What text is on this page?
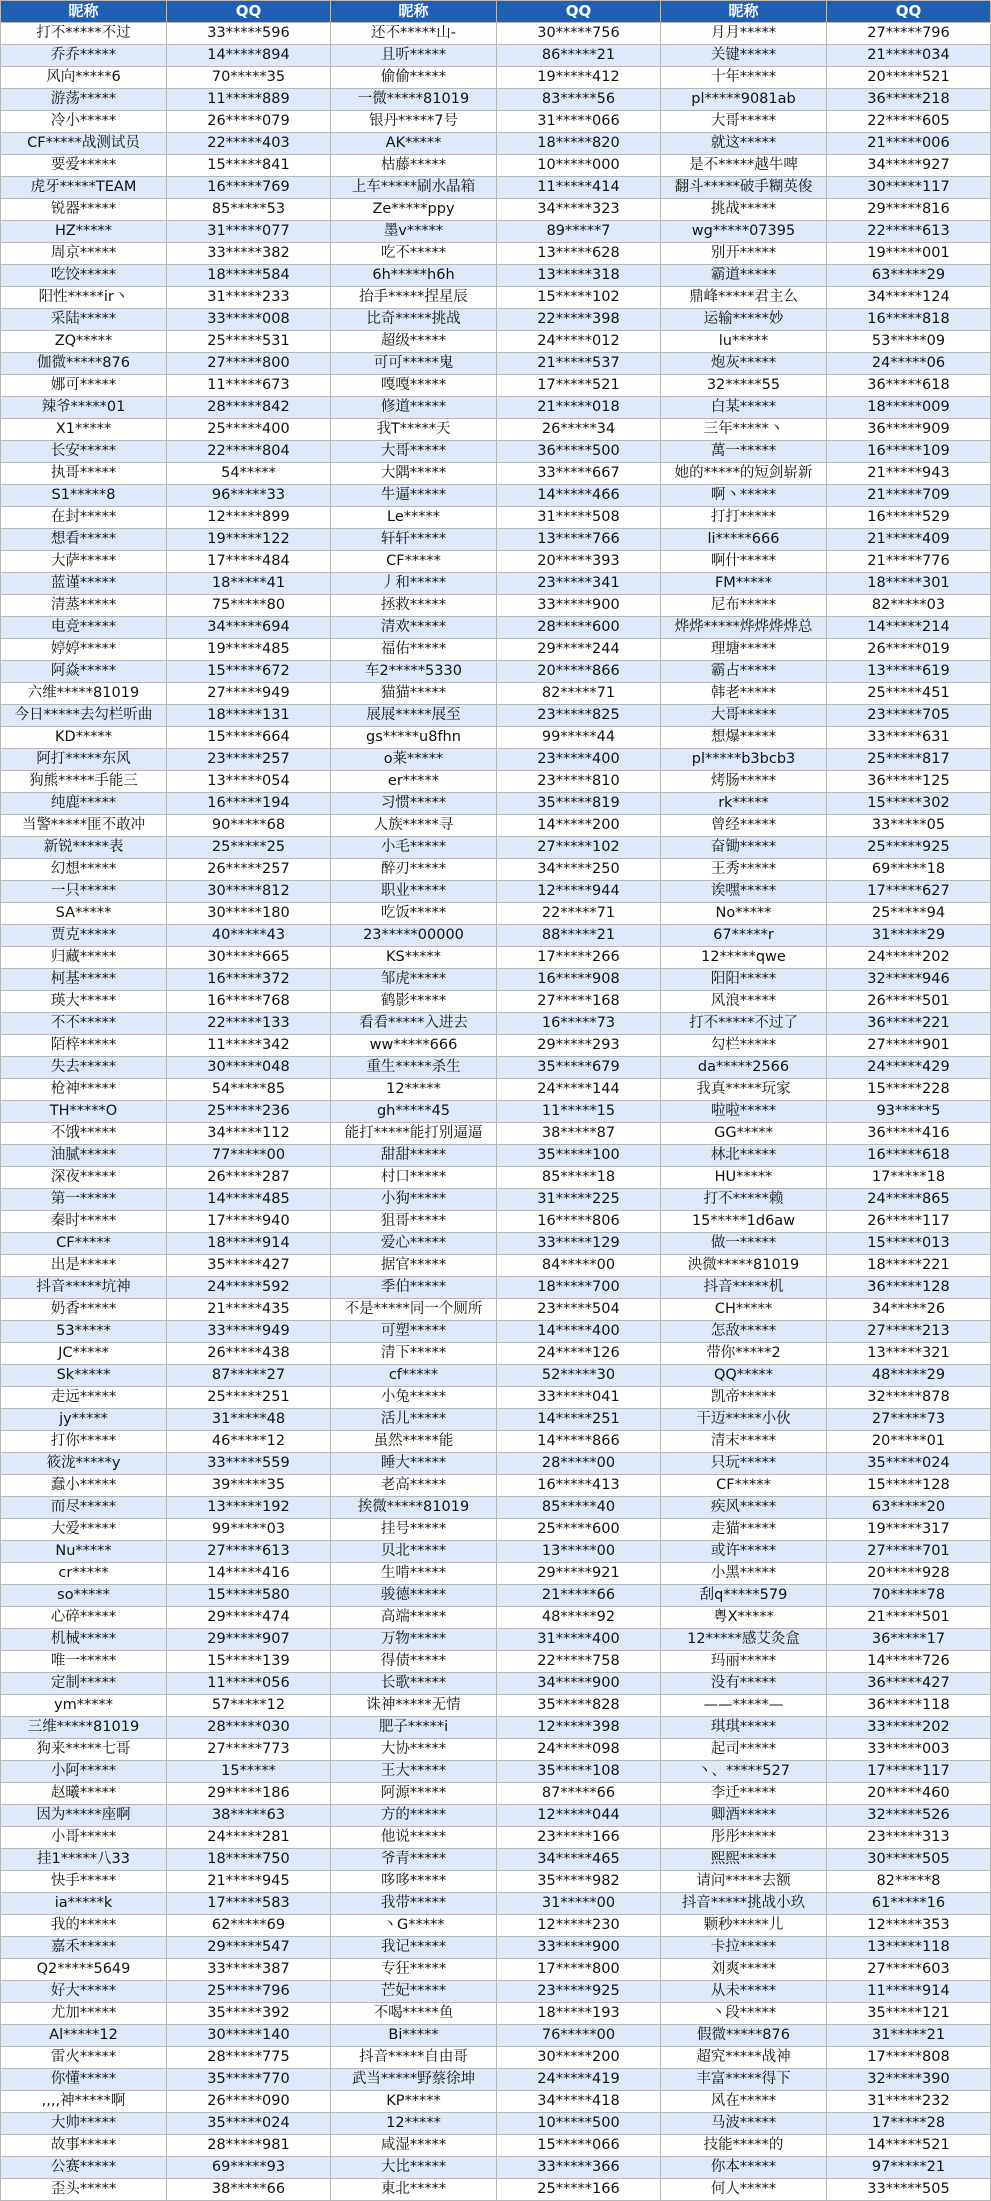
昵称	QQ	昵称	QQ	昵称	QQ
打不*****不过	33*****596	还不*****山-	30*****756	月月*****	27*****796
乔乔*****	14*****894	且听*****	86*****21	关键*****	21*****034
风向*****6	70*****35	偷偷*****	19*****412	十年*****	20*****521
游荡*****	11*****889	一微*****81019	83*****56	pl*****9081ab	36*****218
冷小*****	26*****079	银丹*****7号	31*****066	大哥*****	22*****605
CF*****战测试员	22*****403	AK*****	18*****820	就这*****	21*****006
要爱*****	15*****841	枯藤*****	10*****000	是不*****越牛啤	34*****927
虎牙*****TEAM	16*****769	上车*****刷水晶箱	11*****414	翻斗*****破手糊英俊	30*****117
锐器*****	85*****53	Ze*****ppy	34*****323	挑战*****	29*****816
HZ*****	31*****077	墨v*****	89*****7	wg*****07395	22*****613
周京*****	33*****382	吃不*****	13*****628	别开*****	19*****001
吃饺*****	18*****584	6h*****h6h	13*****318	霸道*****	63*****29
阳性*****ir丶	31*****233	抬手*****捏星辰	15*****102	鼎峰*****君主么	34*****124
采陆*****	33*****008	比奇*****挑战	22*****398	运输*****妙	16*****818
ZQ*****	25*****531	超级*****	24*****012	lu*****	53*****09
伽微*****876	27*****800	可可*****鬼	21*****537	炮灰*****	24*****06
娜可*****	11*****673	嘎嘎*****	17*****521	32*****55	36*****618
辣爷*****01	28*****842	修道*****	21*****018	白某*****	18*****009
X1*****	25*****400	我T*****天	26*****34	三年*****丶	36*****909
长安*****	22*****804	大哥*****	36*****500	萬一*****	16*****109
执哥*****	54*****	大隅*****	33*****667	她的*****的短剑崭新	21*****943
S1*****8	96*****33	牛逼*****	14*****466	啊丶*****	21*****709
在封*****	12*****899	Le*****	31*****508	打打*****	16*****529
想看*****	19*****122	轩轩*****	13*****766	li*****666	21*****409
大萨*****	17*****484	CF*****	20*****393	啊什*****	21*****776
蓝谨*****	18*****41	丿和*****	23*****341	FM*****	18*****301
清蒸*****	75*****80	拯救*****	33*****900	尼布*****	82*****03
电竞*****	34*****694	清欢*****	28*****600	烨烨*****烨烨烨烨总	14*****214
婷婷*****	19*****485	福佑*****	29*****244	理塘*****	26*****019
阿焱*****	15*****672	车2*****5330	20*****866	霸占*****	13*****619
六维*****81019	27*****949	猫猫*****	82*****71	韩老*****	25*****451
今日*****去勾栏听曲	18*****131	展展*****展至	23*****825	大哥*****	23*****705
KD*****	15*****664	gs*****u8fhn	99*****44	想爆*****	33*****631
阿打*****东风	23*****257	o莱*****	23*****400	pl*****b3bcb3	25*****817
狗熊*****手能三	13*****054	er*****	23*****810	烤肠*****	36*****125
纯鹿*****	16*****194	习惯*****	35*****819	rk*****	15*****302
当警*****匪不敢冲	90*****68	人族*****寻	14*****200	曾经*****	33*****05
新锐*****表	25*****25	小毛*****	27*****102	奋锄*****	25*****925
幻想*****	26*****257	醉刃*****	34*****250	王秀*****	69*****18
一只*****	30*****812	职业*****	12*****944	诶嘿*****	17*****627
SA*****	30*****180	吃饭*****	22*****71	No*****	25*****94
贾克*****	40*****43	23*****00000	88*****21	67*****r	31*****29
归藏*****	30*****665	KS*****	17*****266	12*****qwe	24*****202
柯基*****	16*****372	邹虎*****	16*****908	阳阳*****	32*****946
瑛大*****	16*****768	鹤影*****	27*****168	风浪*****	26*****501
不不*****	22*****133	看看*****入进去	16*****73	打不*****不过了	36*****221
陌梓*****	11*****342	ww*****666	29*****293	勾栏*****	27*****901
失去*****	30*****048	重生*****杀生	35*****679	da*****2566	24*****429
枪神*****	54*****85	12*****	24*****144	我真*****玩家	15*****228
TH*****O	25*****236	gh*****45	11*****15	啦啦*****	93*****5
不饿*****	34*****112	能打*****能打别逼逼	38*****87	GG*****	36*****416
油腻*****	77*****00	甜甜*****	35*****100	林北*****	16*****618
深夜*****	26*****287	村口*****	85*****18	HU*****	17*****18
第一*****	14*****485	小狗*****	31*****225	打不*****赖	24*****865
秦时*****	17*****940	狙哥*****	16*****806	15*****1d6aw	26*****117
CF*****	18*****914	爱心*****	33*****129	做一*****	15*****013
出是*****	35*****427	据官*****	84*****00	泱微*****81019	18*****221
抖音*****坑神	24*****592	季伯*****	18*****700	抖音*****机	36*****128
奶香*****	21*****435	不是*****同一个厕所	23*****504	CH*****	34*****26
53*****	33*****949	可塑*****	14*****400	怎敌*****	27*****213
JC*****	26*****438	清下*****	24*****126	带你*****2	13*****321
Sk*****	87*****27	cf*****	52*****30	QQ*****	48*****29
走远*****	25*****251	小兔*****	33*****041	凯帝*****	32*****878
jy*****	31*****48	活儿*****	14*****251	干迈*****小伙	27*****73
打你*****	46*****12	虽然*****能	14*****866	清末*****	20*****01
筱泷*****y	33*****559	睡大*****	28*****00	只玩*****	35*****024
蠢小*****	39*****35	老高*****	16*****413	CF*****	15*****128
而尽*****	13*****192	挨微*****81019	85*****40	疾风*****	63*****20
大爱*****	99*****03	挂号*****	25*****600	走猫*****	19*****317
Nu*****	27*****613	贝北*****	13*****00	或许*****	27*****701
cr*****	14*****416	生啃*****	29*****921	小黑*****	20*****928
so*****	15*****580	骏德*****	21*****66	刮q*****579	70*****78
心碎*****	29*****474	高端*****	48*****92	粤X*****	21*****501
机械*****	29*****907	万物*****	31*****400	12*****感艾灸盒	36*****17
唯一*****	15*****139	得债*****	22*****758	玛丽*****	14*****726
定制*****	11*****056	长歌*****	34*****900	没有*****	36*****427
ym*****	57*****12	诛神*****无情	35*****828	——*****—	36*****118
三维*****81019	28*****030	肥子*****i	12*****398	琪琪*****	33*****202
狗来*****七哥	27*****773	大协*****	24*****098	起司*****	33*****003
小阿*****	15*****	王大*****	35*****108	丶、*****527	17*****117
赵曦*****	29*****186	阿源*****	87*****66	李迁*****	20*****460
因为*****座啊	38*****63	方的*****	12*****044	卿酒*****	32*****526
小哥*****	24*****281	他说*****	23*****166	彤彤*****	23*****313
挂1*****八33	18*****750	爷青*****	34*****465	熙熙*****	30*****505
快手*****	21*****945	哆哆*****	35*****982	请问*****去额	82*****8
ia*****k	17*****583	我带*****	31*****00	抖音*****挑战小玖	61*****16
我的*****	62*****69	丶G*****	12*****230	颗秒*****儿	12*****353
嘉禾*****	29*****547	我记*****	33*****900	卡拉*****	13*****118
Q2*****5649	33*****387	专狂*****	17*****800	刘爽*****	27*****603
好大*****	25*****796	芒妃*****	23*****925	从未*****	11*****914
尤加*****	35*****392	不喝*****鱼	18*****193	丶段*****	35*****121
Al*****12	30*****140	Bi*****	76*****00	假微*****876	31*****21
雷火*****	28*****775	抖音*****自由哥	30*****200	超究*****战神	17*****808
你懂*****	35*****770	武当*****野蔡徐坤	24*****419	丰富*****得下	32*****390
,,,,神*****啊	26*****090	KP*****	34*****418	风在*****	31*****232
大帅*****	35*****024	12*****	10*****500	马波*****	17*****28
故事*****	28*****981	咸湿*****	15*****066	技能*****的	14*****521
公赛*****	69*****93	大比*****	33*****366	你本*****	97*****21
歪头*****	38*****66	東北*****	25*****166	何人*****	33*****505
